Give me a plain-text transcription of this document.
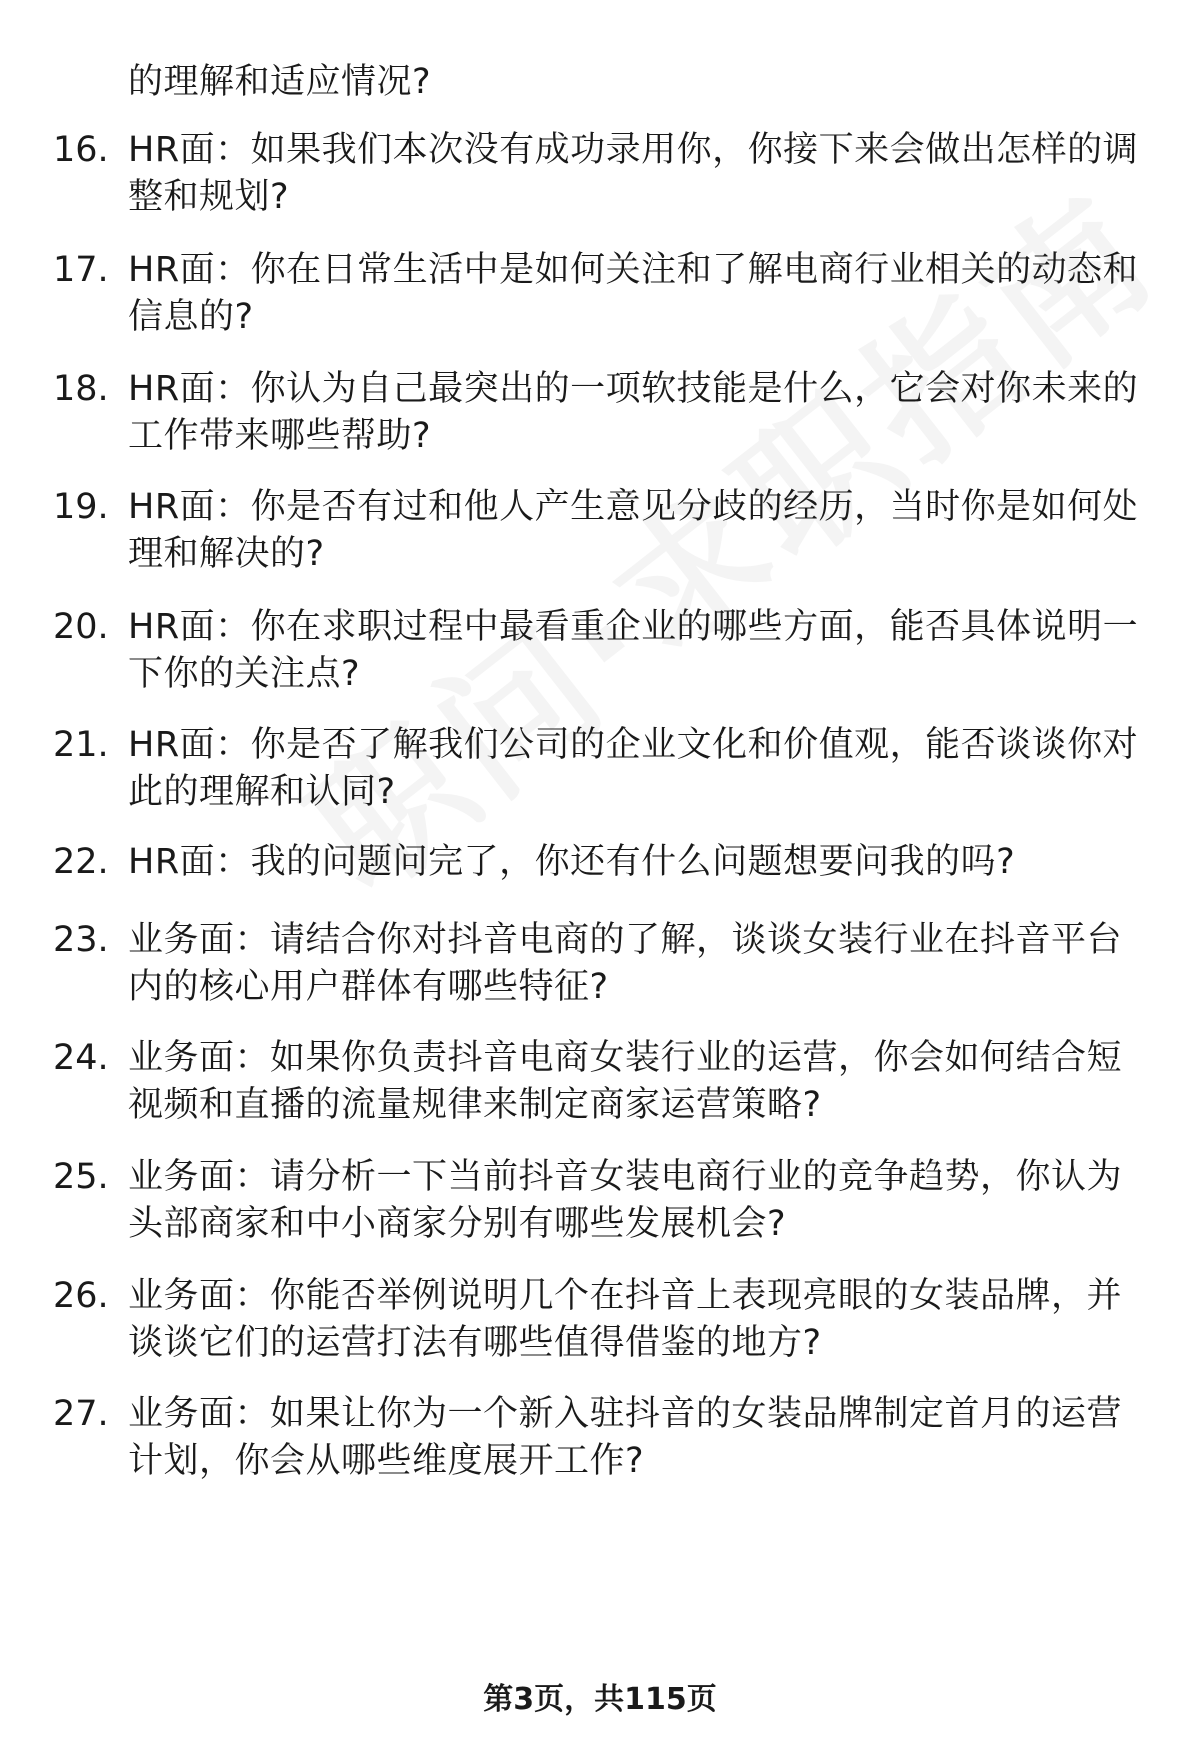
的理解和适应情况?
16. HR面：如果我们本次没有成功录用你，你接下来会做出怎样的调
整和规划?
17. HR面：你在日常生活中是如何关注和了解电商行业相关的动态和
信息的?
18. HR面：你认为自己最突出的一项软技能是什么，它会对你未来的
工作带来哪些帮助?
19. HR面：你是否有过和他人产生意见分歧的经历，当时你是如何处
理和解决的?
20. HR面：你在求职过程中最看重企业的哪些方面，能否具体说明一
下你的关注点?
21. HR面：你是否了解我们公司的企业文化和价值观，能否谈谈你对
此的理解和认同?
22. HR面：我的问题问完了，你还有什么问题想要问我的吗?
23. 业务面：请结合你对抖音电商的了解，谈谈女装行业在抖音平台
内的核心用户群体有哪些特征?
24. 业务面：如果你负责抖音电商女装行业的运营，你会如何结合短
视频和直播的流量规律来制定商家运营策略?
25. 业务面：请分析一下当前抖音女装电商行业的竞争趋势，你认为
头部商家和中小商家分别有哪些发展机会?
26. 业务面：你能否举例说明几个在抖音上表现亮眼的女装品牌，并
谈谈它们的运营打法有哪些值得借鉴的地方?
27. 业务面：如果让你为一个新入驻抖音的女装品牌制定首月的运营
计划，你会从哪些维度展开工作?
第3页，共115页
